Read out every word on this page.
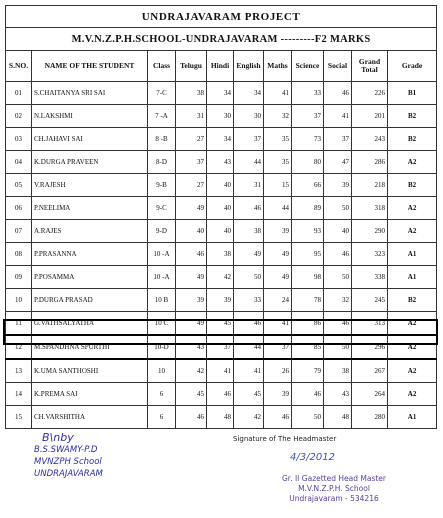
UNDRAJAVARAM PROJECT										
M.V.N.Z.P.H.SCHOOL-UNDRAJAVARAM ---------F2 MARKS										
S.NO.	NAME OF THE STUDENT	Class	Telugu	Hindi	English	Maths	Science	Social	Grand Total	Grade
01	S.CHAITANYA SRI SAI	7-C	38	34	34	41	33	46	226	B1
02	N.LAKSHMI	7 -A	31	30	30	32	37	41	201	B2
03	CH.JAHAVI SAI	8 -B	27	34	37	35	73	37	243	B2
04	K.DURGA PRAVEEN	8-D	37	43	44	35	80	47	286	A2
05	V.RAJESH	9-B	27	40	31	15	66	39	218	B2
06	P.NEELIMA	9-C	49	40	46	44	89	50	318	A2
07	A.RAJES	9-D	40	40	38	39	93	40	290	A2
08	P.PRASANNA	10 -A	46	38	49	49	95	46	323	A1
09	P.POSAMMA	10 -A	49	42	50	49	98	50	338	A1
10	P.DURGA PRASAD	10 B	39	39	33	24	78	32	245	B2
11	G.VATHSALYATHA	10 C	49	45	46	41	86	46	313	A2
12	M.SPANDHNA SPURTHI	10-D	43	37	44	37	85	50	296	A2
13	K.UMA SANTHOSHI	10	42	41	41	26	79	38	267	A2
14	K.PREMA SAI	6	45	46	45	39	46	43	264	A2
15	CH.VARSHITHA	6	46	48	42	46	50	48	280	A1
B\nby
B.S.SWAMY-P.D
MVNZPH School
UNDRAJAVARAM
Signature of The Headmaster
4/3/2012
Gr. II Gazetted Head Master
M.V.N.Z.P.H. School
Undrajavaram - 534216
